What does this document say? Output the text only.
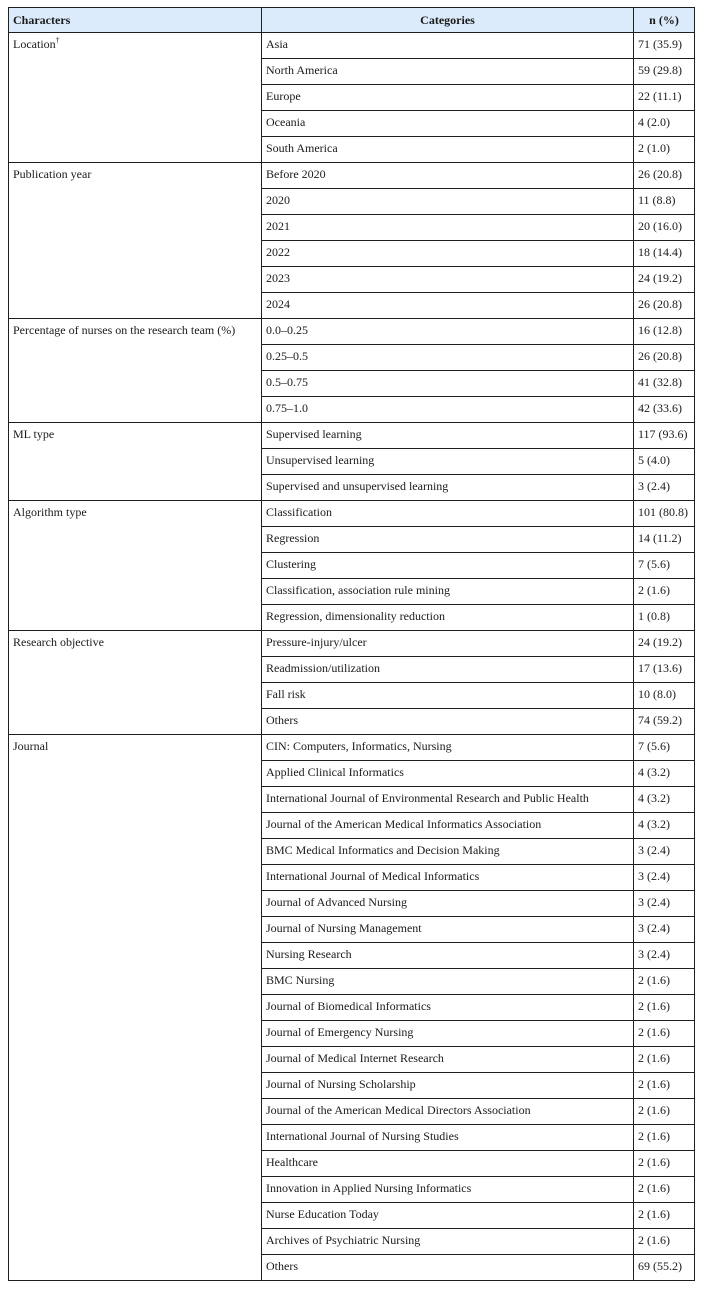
Characters	Categories	n (%)
Location†	Asia	71 (35.9)
	North America	59 (29.8)
	Europe	22 (11.1)
	Oceania	4 (2.0)
	South America	2 (1.0)
Publication year	Before 2020	26 (20.8)
	2020	11 (8.8)
	2021	20 (16.0)
	2022	18 (14.4)
	2023	24 (19.2)
	2024	26 (20.8)
Percentage of nurses on the research team (%)	0.0–0.25	16 (12.8)
	0.25–0.5	26 (20.8)
	0.5–0.75	41 (32.8)
	0.75–1.0	42 (33.6)
ML type	Supervised learning	117 (93.6)
	Unsupervised learning	5 (4.0)
	Supervised and unsupervised learning	3 (2.4)
Algorithm type	Classification	101 (80.8)
	Regression	14 (11.2)
	Clustering	7 (5.6)
	Classification, association rule mining	2 (1.6)
	Regression, dimensionality reduction	1 (0.8)
Research objective	Pressure-injury/ulcer	24 (19.2)
	Readmission/utilization	17 (13.6)
	Fall risk	10 (8.0)
	Others	74 (59.2)
Journal	CIN: Computers, Informatics, Nursing	7 (5.6)
	Applied Clinical Informatics	4 (3.2)
	International Journal of Environmental Research and Public Health	4 (3.2)
	Journal of the American Medical Informatics Association	4 (3.2)
	BMC Medical Informatics and Decision Making	3 (2.4)
	International Journal of Medical Informatics	3 (2.4)
	Journal of Advanced Nursing	3 (2.4)
	Journal of Nursing Management	3 (2.4)
	Nursing Research	3 (2.4)
	BMC Nursing	2 (1.6)
	Journal of Biomedical Informatics	2 (1.6)
	Journal of Emergency Nursing	2 (1.6)
	Journal of Medical Internet Research	2 (1.6)
	Journal of Nursing Scholarship	2 (1.6)
	Journal of the American Medical Directors Association	2 (1.6)
	International Journal of Nursing Studies	2 (1.6)
	Healthcare	2 (1.6)
	Innovation in Applied Nursing Informatics	2 (1.6)
	Nurse Education Today	2 (1.6)
	Archives of Psychiatric Nursing	2 (1.6)
	Others	69 (55.2)
